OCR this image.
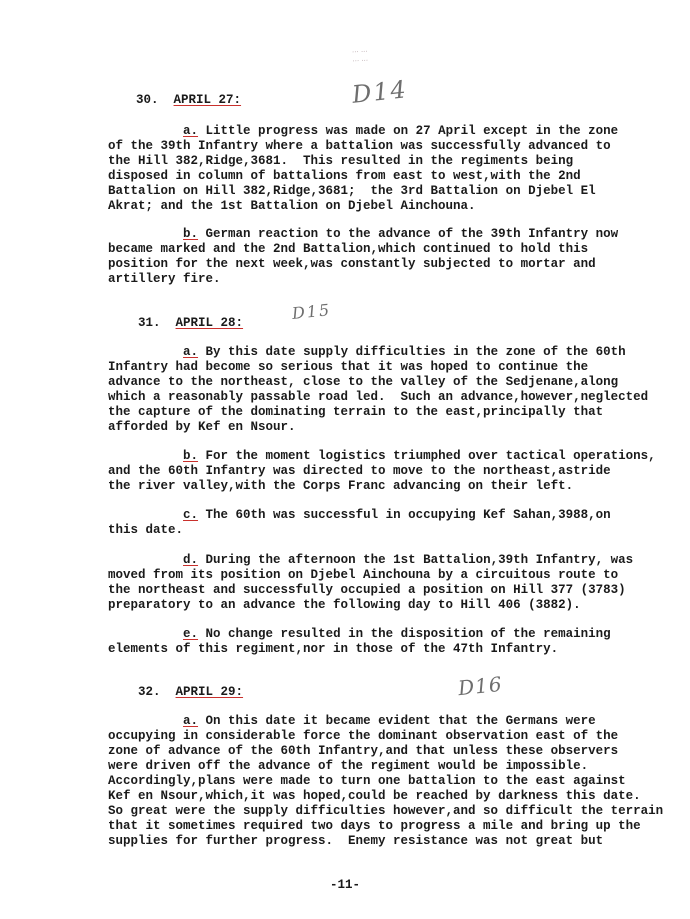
... ...
... ...
D14
D15
D16
30. APRIL 27:
a. Little progress was made on 27 April except in the zone
of the 39th Infantry where a battalion was successfully advanced to
the Hill 382,Ridge,3681.  This resulted in the regiments being
disposed in column of battalions from east to west,with the 2nd
Battalion on Hill 382,Ridge,3681;  the 3rd Battalion on Djebel El
Akrat; and the 1st Battalion on Djebel Ainchouna.
b. German reaction to the advance of the 39th Infantry now
became marked and the 2nd Battalion,which continued to hold this
position for the next week,was constantly subjected to mortar and
artillery fire.
31. APRIL 28:
a. By this date supply difficulties in the zone of the 60th
Infantry had become so serious that it was hoped to continue the
advance to the northeast, close to the valley of the Sedjenane,along
which a reasonably passable road led.  Such an advance,however,neglected
the capture of the dominating terrain to the east,principally that
afforded by Kef en Nsour.
b. For the moment logistics triumphed over tactical operations,
and the 60th Infantry was directed to move to the northeast,astride
the river valley,with the Corps Franc advancing on their left.
c. The 60th was successful in occupying Kef Sahan,3988,on
this date.
d. During the afternoon the 1st Battalion,39th Infantry, was
moved from its position on Djebel Ainchouna by a circuitous route to
the northeast and successfully occupied a position on Hill 377 (3783)
preparatory to an advance the following day to Hill 406 (3882).
e. No change resulted in the disposition of the remaining
elements of this regiment,nor in those of the 47th Infantry.
32. APRIL 29:
a. On this date it became evident that the Germans were
occupying in considerable force the dominant observation east of the
zone of advance of the 60th Infantry,and that unless these observers
were driven off the advance of the regiment would be impossible.
Accordingly,plans were made to turn one battalion to the east against
Kef en Nsour,which,it was hoped,could be reached by darkness this date.
So great were the supply difficulties however,and so difficult the terrain
that it sometimes required two days to progress a mile and bring up the
supplies for further progress.  Enemy resistance was not great but
-11-
